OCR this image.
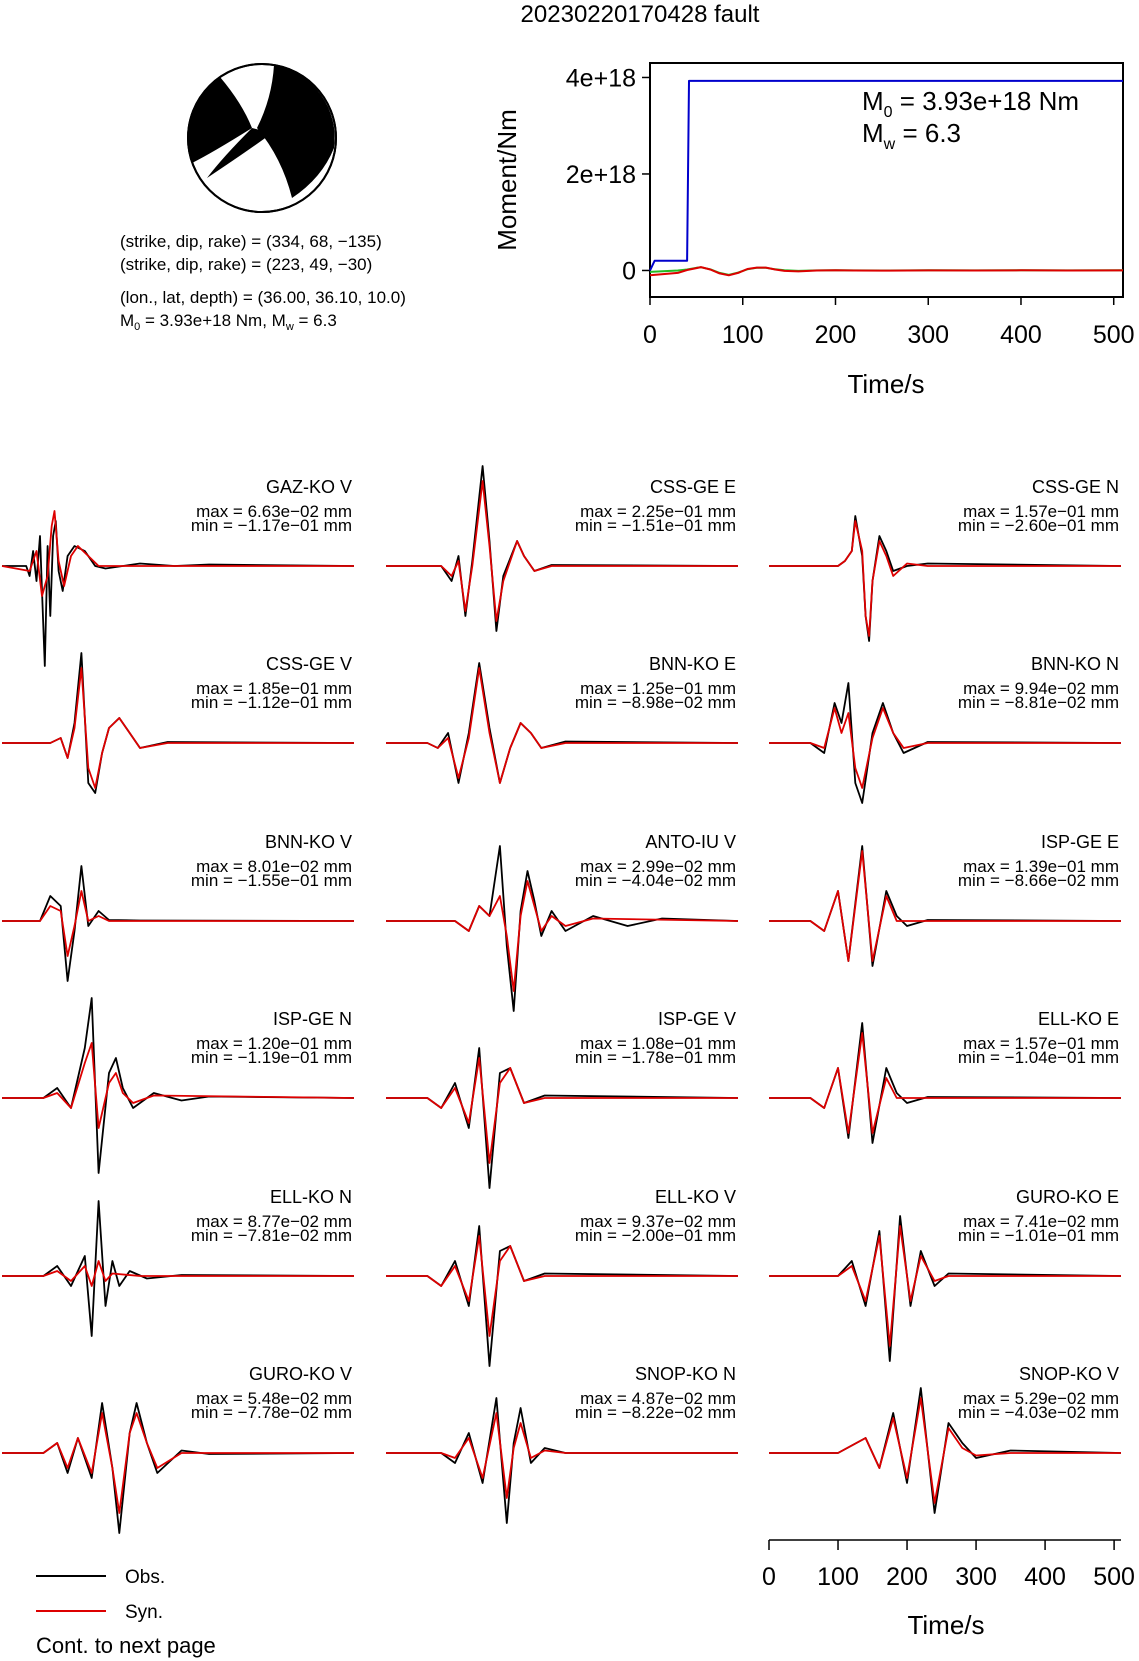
20230220170428 fault
(strike, dip, rake) = (334, 68, −135)
(strike, dip, rake) = (223, 49, −30)
(lon., lat, depth) = (36.00, 36.10, 10.0)
$M_0 = 3.93e+18$ Nm, $M_w = 6.3$
Moment/Nm
Time/s
$M_0 = 3.93e+18$ Nm
$M_w = 6.3$
0	100 200 300 400 500
0
2e+18
4e+18
GAZ-KO V
max = 6.63e−02 mm
min = −1.17e−01 mm
CSS-GE E
max = 2.25e−01 mm
min = −1.51e−01 mm
CSS-GE N
max = 1.57e−01 mm
min = −2.60e−01 mm
CSS-GE V
max = 1.85e−01 mm
min = −1.12e−01 mm
BNN-KO E
max = 1.25e−01 mm
min = −8.98e−02 mm
BNN-KO N
max = 9.94e−02 mm
min = −8.81e−02 mm
BNN-KO V
max = 8.01e−02 mm
min = −1.55e−01 mm
ANTO-IU V
max = 2.99e−02 mm
min = −4.04e−02 mm
ISP-GE E
max = 1.39e−01 mm
min = −8.66e−02 mm
ISP-GE N
max = 1.20e−01 mm
min = −1.19e−01 mm
ISP-GE V
max = 1.08e−01 mm
min = −1.78e−01 mm
ELL-KO E
max = 1.57e−01 mm
min = −1.04e−01 mm
ELL-KO N
max = 8.77e−02 mm
min = −7.81e−02 mm
ELL-KO V
max = 9.37e−02 mm
min = −2.00e−01 mm
GURO-KO E
max = 7.41e−02 mm
min = −1.01e−01 mm
GURO-KO V
max = 5.48e−02 mm
min = −7.78e−02 mm
SNOP-KO N
max = 4.87e−02 mm
min = −8.22e−02 mm
SNOP-KO V
max = 5.29e−02 mm
min = −4.03e−02 mm
Time/s
0 100 200 300 400 500
Obs.
Syn.
Cont. to next page
